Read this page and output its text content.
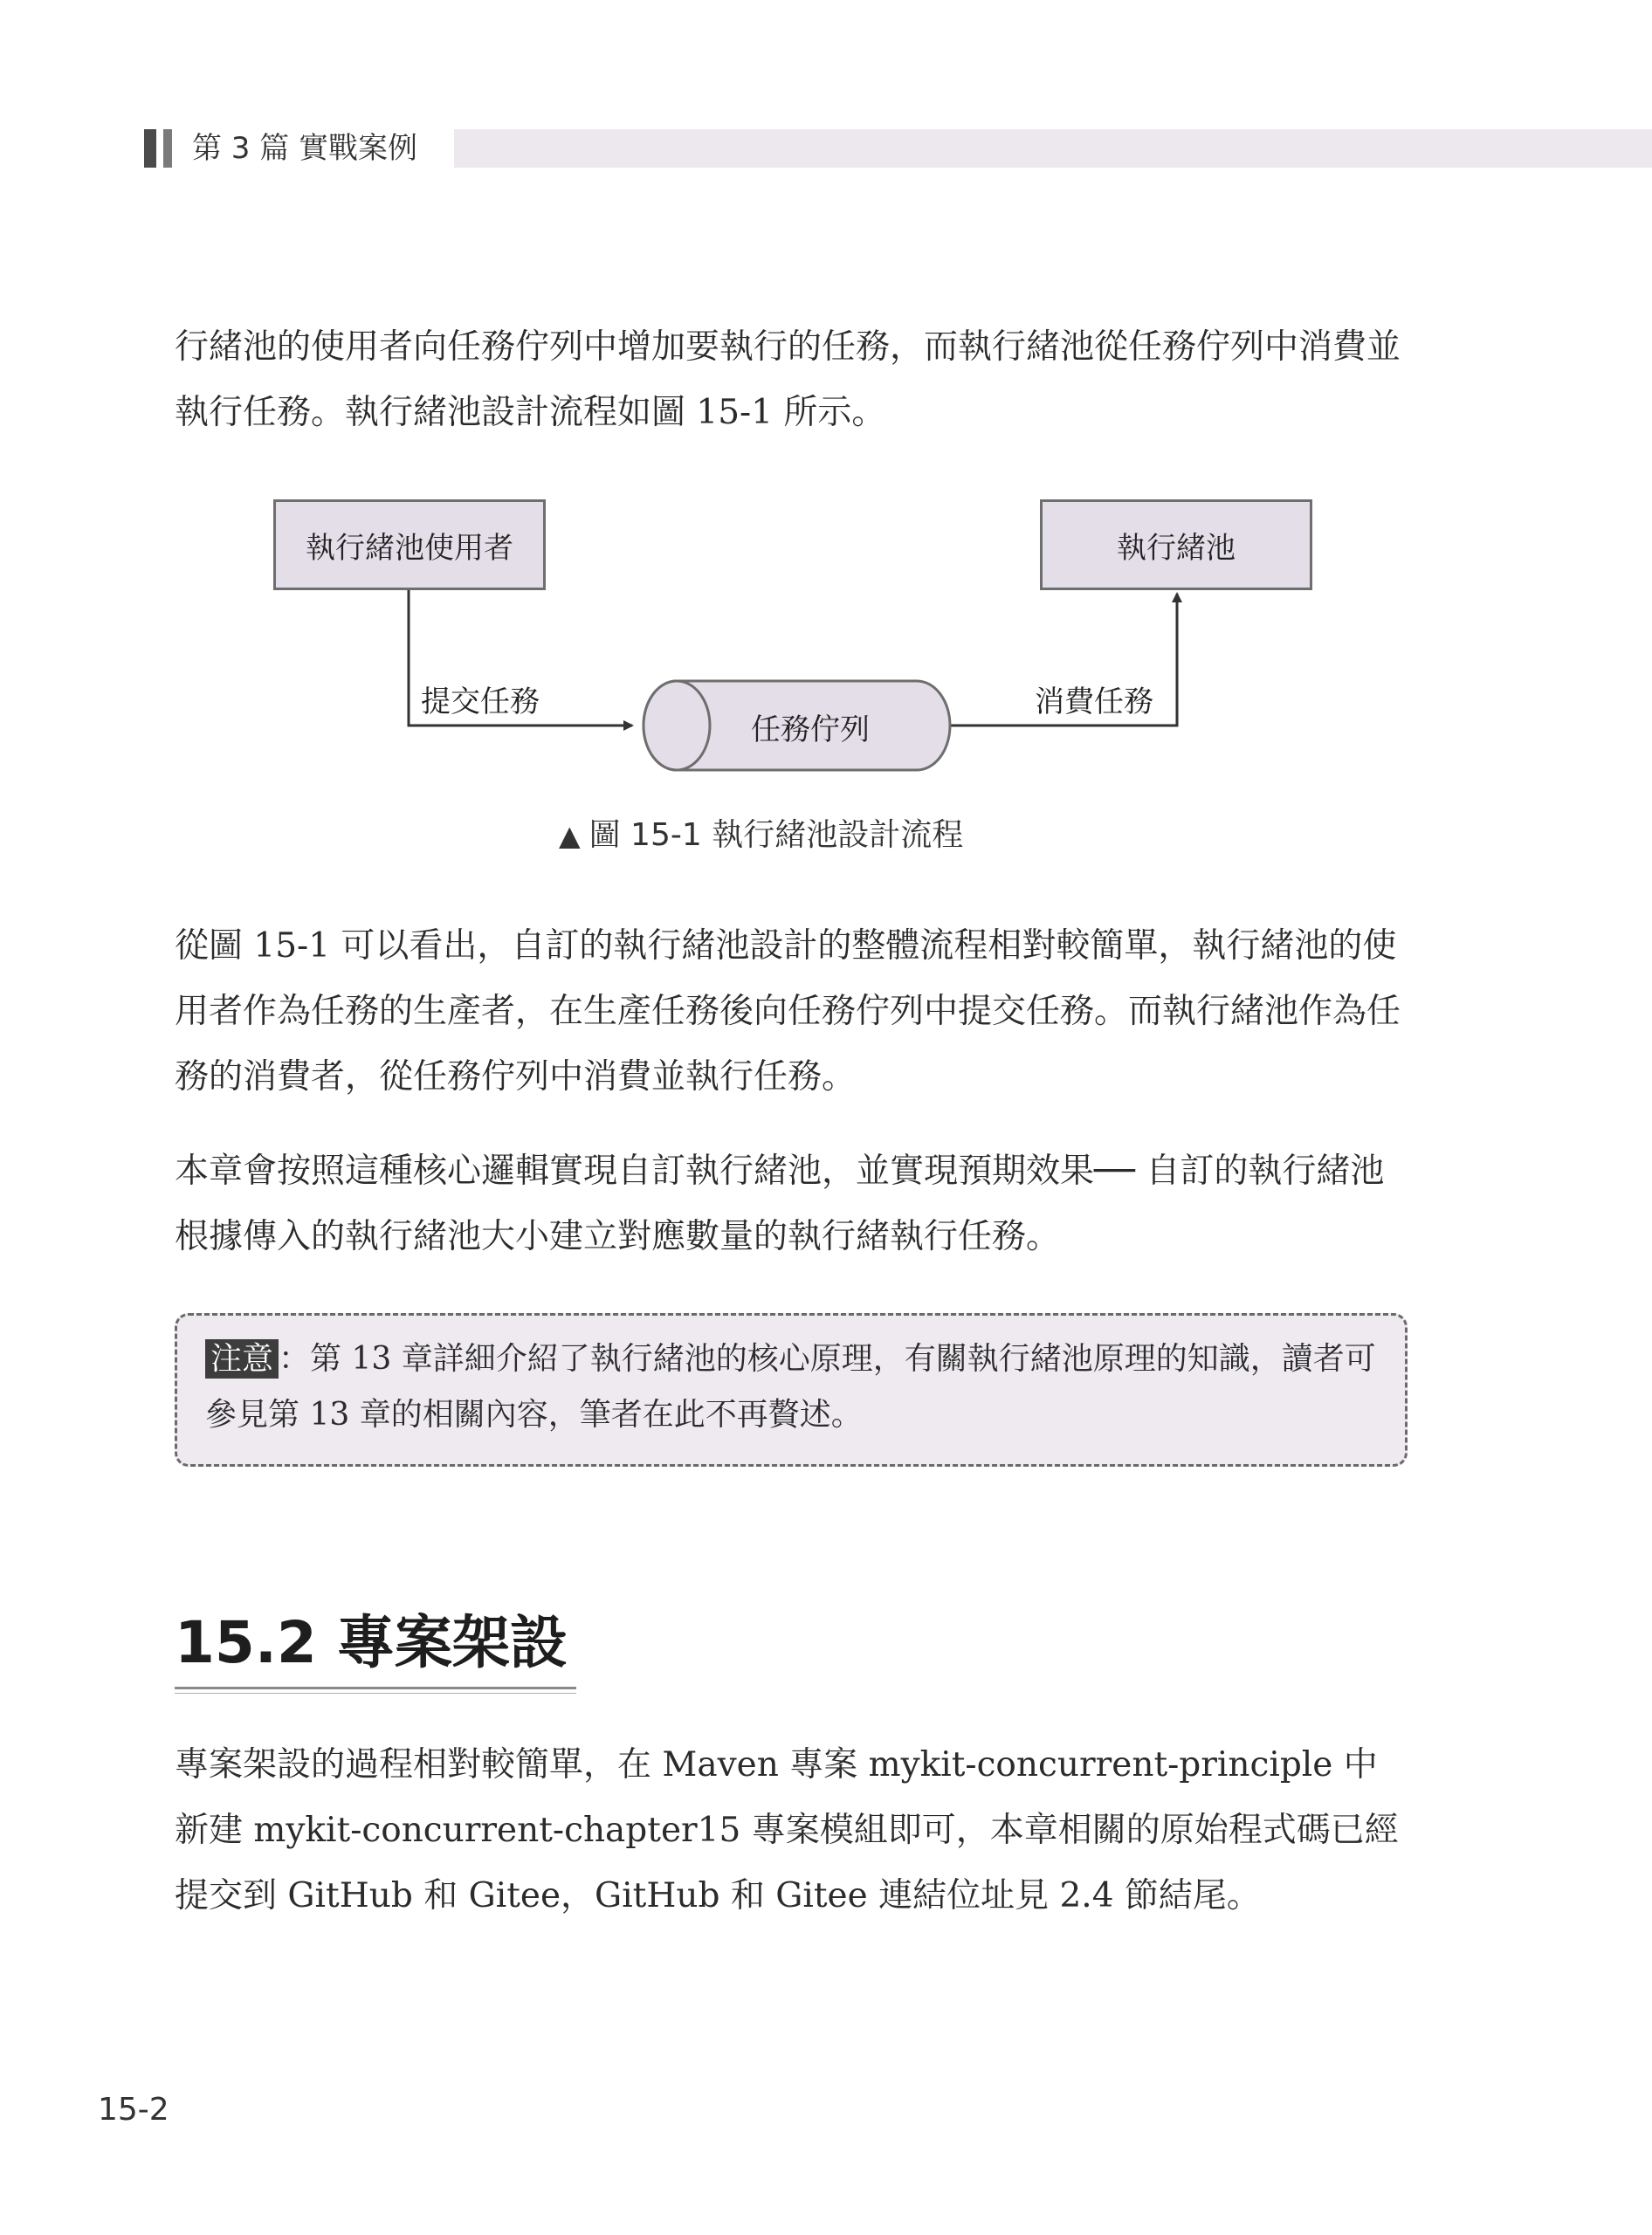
第 3 篇 實戰案例

行緒池的使用者向任務佇列中增加要執行的任務，而執行緒池從任務佇列中消費並執行任務。執行緒池設計流程如圖 15-1 所示。

執行緒池使用者	執行緒池
提交任務	消費任務
任務佇列
▲ 圖 15-1 執行緒池設計流程

從圖 15-1 可以看出，自訂的執行緒池設計的整體流程相對較簡單，執行緒池的使用者作為任務的生產者，在生產任務後向任務佇列中提交任務。而執行緒池作為任務的消費者，從任務佇列中消費並執行任務。

本章會按照這種核心邏輯實現自訂執行緒池，並實現預期效果── 自訂的執行緒池根據傳入的執行緒池大小建立對應數量的執行緒執行任務。

注意 ：第 13 章詳細介紹了執行緒池的核心原理，有關執行緒池原理的知識，讀者可參見第 13 章的相關內容，筆者在此不再贅述。
15.2 專案架設

專案架設的過程相對較簡單，在 Maven 專案 mykit-concurrent-principle 中新建 mykit-concurrent-chapter15 專案模組即可，本章相關的原始程式碼已經提交到 GitHub 和 Gitee，GitHub 和 Gitee 連結位址見 2.4 節結尾。

15-2
